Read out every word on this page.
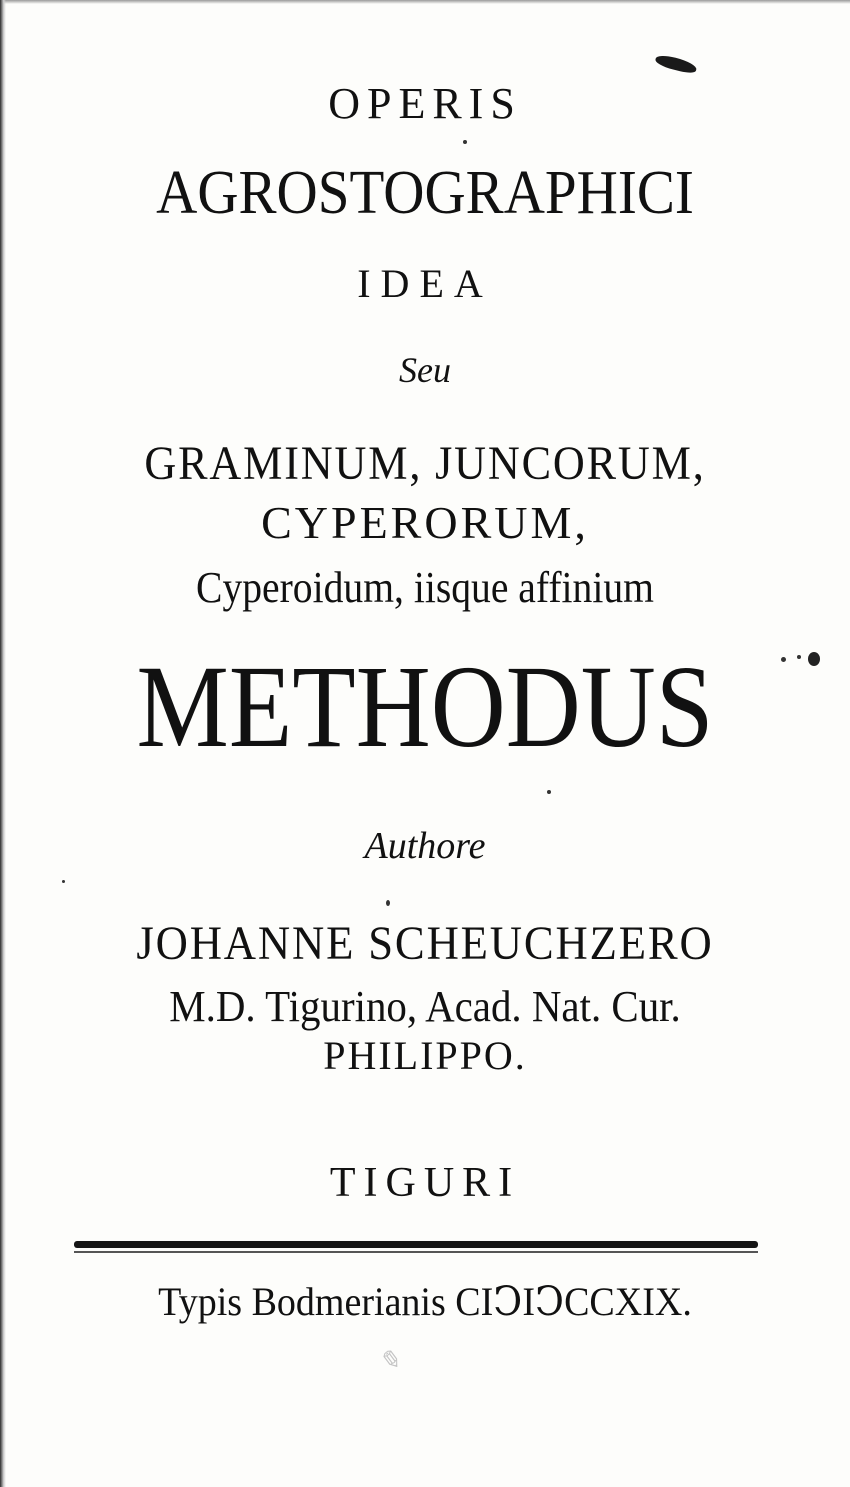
OPERIS
AGROSTOGRAPHICI
IDEA
Seu
GRAMINUM, JUNCORUM,
CYPERORUM,
Cyperoidum, iisque affinium
METHODUS
Authore
JOHANNE SCHEUCHZERO
M.D. Tigurino, Acad. Nat. Cur.
PHILIPPO.
TIGURI
Typis Bodmerianis CIↃIↃCCXIX.
✎
